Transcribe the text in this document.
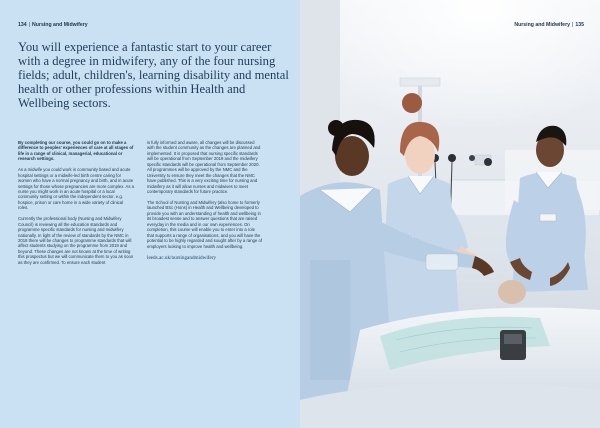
134 | Nursing and Midwifery
You will experience a fantastic start to your career with a degree in midwifery, any of the four nursing fields; adult, children's, learning disability and mental health or other professions within Health and Wellbeing sectors.

By completing our course, you could go on to make a difference to peoples' experiences of care at all stages of life in a range of clinical, managerial, educational or research settings.

As a midwife you could work in community based and acute hospital settings or a midwife-led birth centre caring for women who have a normal pregnancy and birth, and in acute settings for those whose pregnancies are more complex. As a nurse you might work in an acute hospital or a local community setting or within the independent sector, e.g. hospice, prison or care home in a wide variety of clinical roles.

Currently the professional body (Nursing and Midwifery Council) is reviewing all the education standards and programme specific standards for nursing and midwifery nationally. In light of the review of standards by the NMC in 2018 there will be changes to programme standards that will affect students studying on the programme from 2019 and beyond. These changes are not known at the time of writing this prospectus but we will communicate them to you as soon as they are confirmed. To ensure each student

is fully informed and aware, all changes will be discussed with the student community as the changes are planned and implemented. It is proposed that nursing specific standards will be operational from September 2019 and the midwifery specific standards will be operational from September 2020. All programmes will be approved by the NMC and the University to ensure they meet the changes that the NMC have published. This is a very exciting time for nursing and midwifery as it will allow nurses and midwives to meet contemporary standards for future practice.

The School of Nursing and Midwifery (also home to formerly launched BSc (Hons) in Health and Wellbeing developed to provide you with an understanding of health and wellbeing in its broadest sense and to answer questions that are raised everyday in the media and in our own experiences. On completion, this course will enable you to enter into a role that supports a range of organisations, and you will have the potential to be highly regarded and sought after by a range of employers looking to improve health and wellbeing.

leeds.ac.uk/nursingandmidwifery
Nursing and Midwifery | 135
